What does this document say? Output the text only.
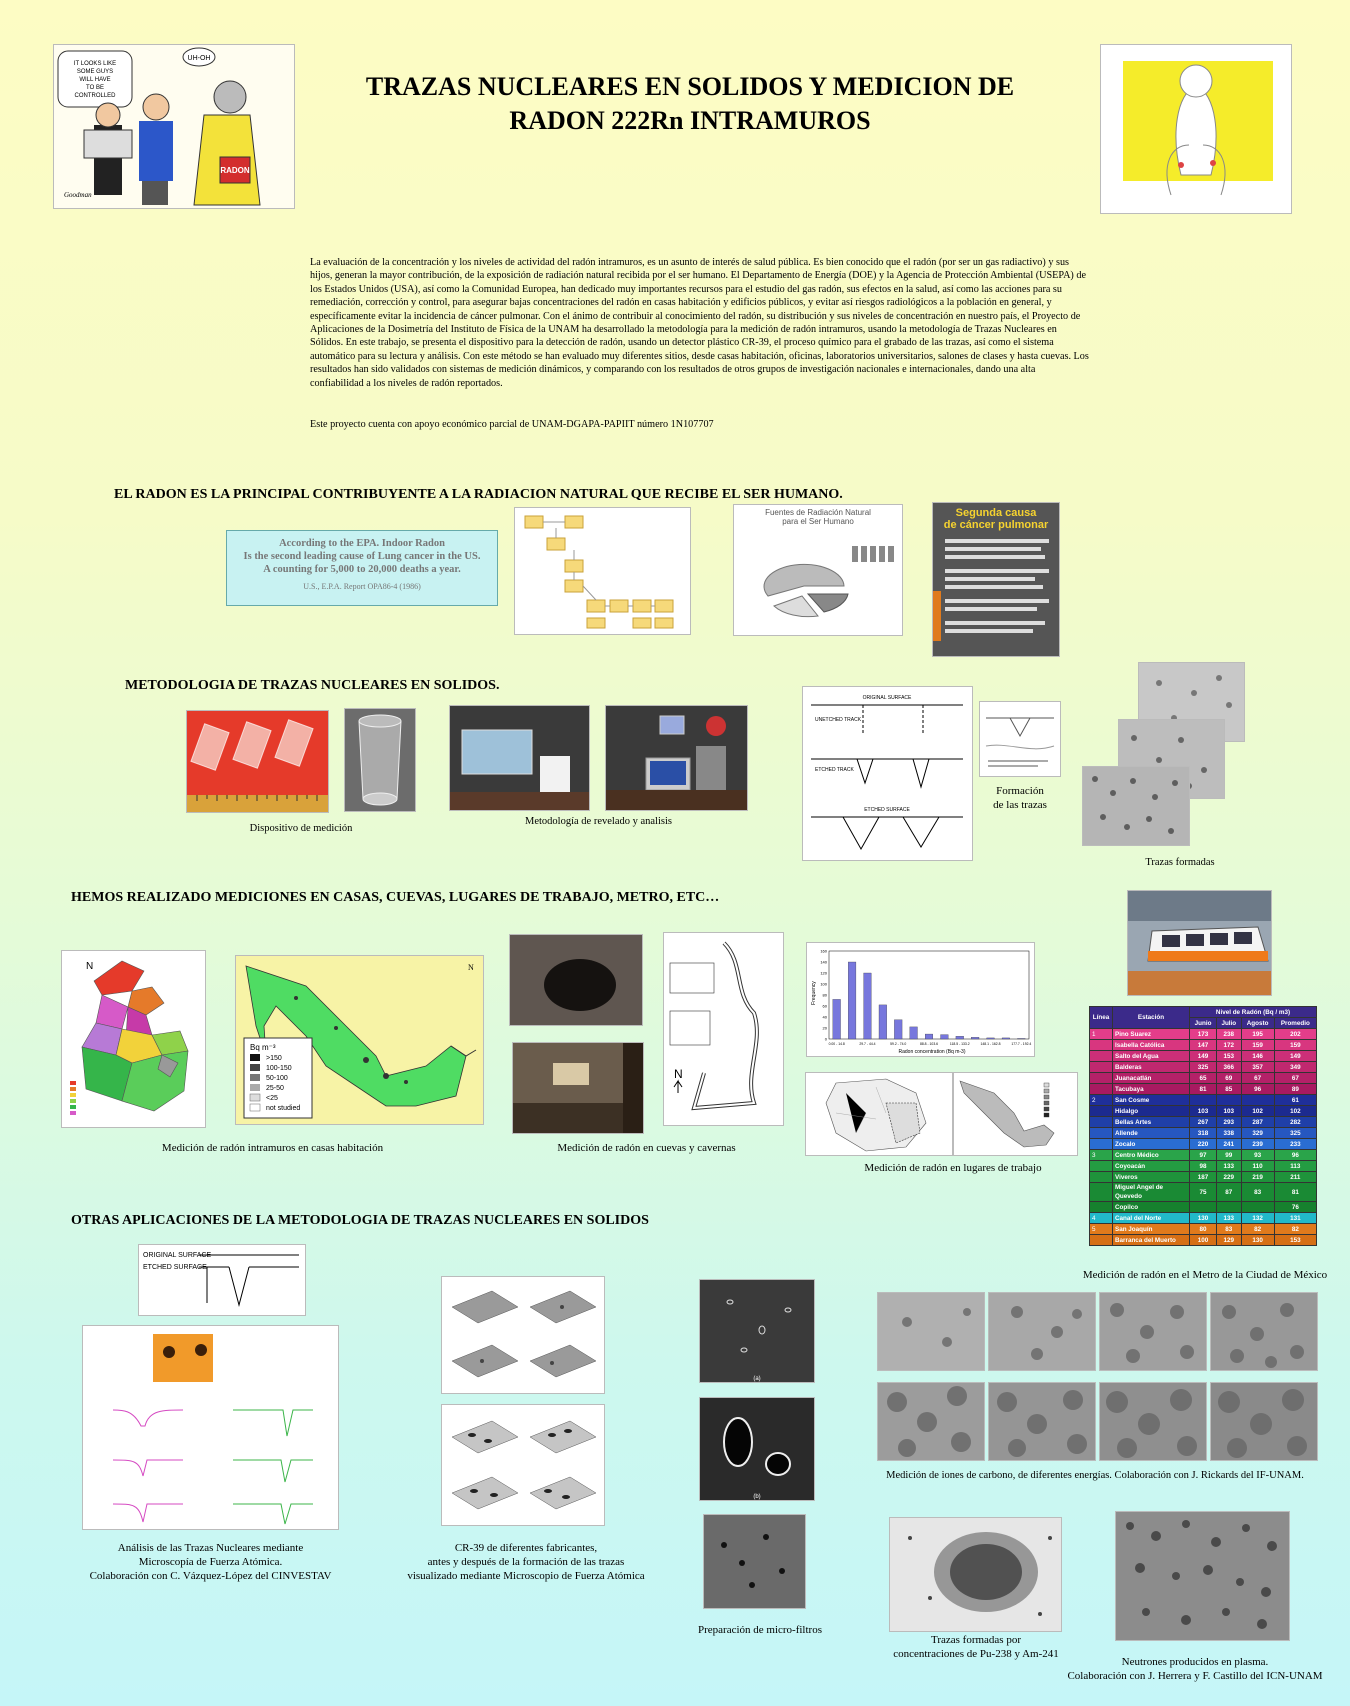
IT LOOKS LIKE
SOME GUYS
WILL HAVE
TO BE
CONTROLLED
UH-OH
RADON
Goodman
TRAZAS NUCLEARES EN SOLIDOS Y MEDICION DE
RADON 222Rn INTRAMUROS
La evaluación de la concentración y los niveles de actividad del radón intramuros, es un asunto de interés de salud pública. Es bien conocido que el radón (por ser un gas radiactivo) y sus hijos, generan la mayor contribución, de la exposición de radiación natural recibida por el ser humano. El Departamento de Energía (DOE) y la Agencia de Protección Ambiental (USEPA) de los Estados Unidos (USA), así como la Comunidad Europea, han dedicado muy importantes recursos para el estudio del gas radón, sus efectos en la salud, así como las acciones para su remediación, corrección y control, para asegurar bajas concentraciones del radón en casas habitación y edificios públicos, y evitar así riesgos radiológicos a la población en general, y específicamente evitar la incidencia de cáncer pulmonar. Con el ánimo de contribuir al conocimiento del radón, su distribución y sus niveles de concentración en nuestro país, el Proyecto de Aplicaciones de la Dosimetría del Instituto de Física de la UNAM ha desarrollado la metodología para la medición de radón intramuros, usando la metodología de Trazas Nucleares en Sólidos. En este trabajo, se presenta el dispositivo para la detección de radón, usando un detector plástico CR-39, el proceso químico para el grabado de las trazas, así como el sistema automático para su lectura y análisis. Con este método se han evaluado muy diferentes sitios, desde casas habitación, oficinas, laboratorios universitarios, salones de clases y hasta cuevas. Los resultados han sido validados con sistemas de medición dinámicos, y comparando con los resultados de otros grupos de investigación nacionales e internacionales, dando una alta confiabilidad a los niveles de radón reportados.
Este proyecto cuenta con apoyo económico parcial de UNAM-DGAPA-PAPIIT número 1N107707
EL RADON ES LA PRINCIPAL CONTRIBUYENTE A LA RADIACION NATURAL QUE RECIBE EL SER HUMANO.
According to the EPA. Indoor Radon
Is the second leading cause of Lung cancer in the US.
A counting for 5,000 to 20,000 deaths a year.
U.S., E.P.A. Report OPA86-4 (1986)
Fuentes de Radiación Natural
para el Ser Humano
Segunda causa
de cáncer pulmonar
METODOLOGIA DE TRAZAS NUCLEARES EN SOLIDOS.
Dispositivo de medición
Metodología de revelado y analisis
ORIGINAL SURFACE
UNETCHED TRACK
ETCHED TRACK
ETCHED SURFACE
Formación
de las trazas
Trazas formadas
HEMOS REALIZADO MEDICIONES EN CASAS, CUEVAS, LUGARES DE TRABAJO, METRO, ETC…
N
Bq m⁻³
>150
100-150
50-100
25-50
<25
not studied
N
Medición de radón intramuros en casas habitación
N
Medición de radón en cuevas y cavernas
Frequency
Radon concentration (Bq m-3)
0
20
40
60
80
100
120
140
160
0.00 - 14.8	29.7 - 44.4	59.2 - 74.0	88.8 - 103.6	118.5 - 133.2	148.1 - 162.8	177.7 - 192.4
Medición de radón en lugares de trabajo
Línea	Estación	Nivel de Radón (Bq / m3)			
		Junio	Julio	Agosto	Promedio
1	Pino Suarez	173	238	195	202
	Isabella Católica	147	172	159	159
	Salto del Agua	149	153	146	149
	Balderas	325	366	357	349
	Juanacatlán	65	69	67	67
	Tacubaya	81	85	96	89
2	San Cosme				61
	Hidalgo	103	103	102	102
	Bellas Artes	267	293	287	282
	Allende	318	338	329	325
	Zocalo	220	241	239	233
3	Centro Médico	97	99	93	96
	Coyoacán	98	133	110	113
	Viveros	187	229	219	211
	Miguel Angel de Quevedo	75	87	83	81
	Copilco				76
4	Canal del Norte	130	133	132	131
5	San Joaquín	80	83	82	82
	Barranca del Muerto	100	129	130	153
Medición de radón en el Metro de la Ciudad de México
OTRAS APLICACIONES DE LA METODOLOGIA DE TRAZAS NUCLEARES EN SOLIDOS
ORIGINAL SURFACE
ETCHED SURFACE
Análisis de las Trazas Nucleares mediante
Microscopía de Fuerza Atómica.
Colaboración con C. Vázquez-López del CINVESTAV
CR-39 de diferentes fabricantes,
antes y después de la formación de las trazas
visualizado mediante Microscopio de Fuerza Atómica
(a)
(b)
Preparación de micro-filtros
Medición de iones de carbono, de diferentes energías. Colaboración con J. Rickards del IF-UNAM.
Trazas formadas por
concentraciones de Pu-238 y Am-241
Neutrones producidos en plasma.
Colaboración con J. Herrera y F. Castillo del ICN-UNAM
